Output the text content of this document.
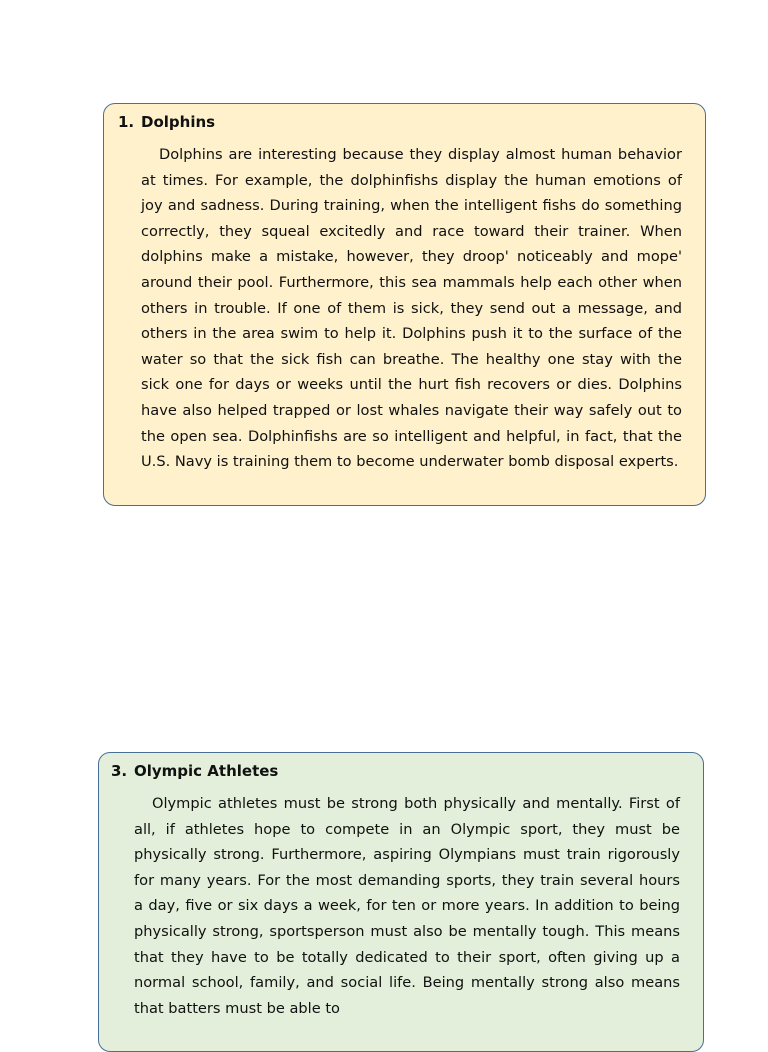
1. Dolphins

Dolphins are interesting because they display almost human behavior at times. For example, the dolphinfishs display the human emotions of joy and sadness. During training, when the intelligent fishs do something correctly, they squeal excitedly and race toward their trainer. When dolphins make a mistake, however, they droop' noticeably and mope' around their pool. Furthermore, this sea mammals help each other when others in trouble. If one of them is sick, they send out a message, and others in the area swim to help it. Dolphins push it to the surface of the water so that the sick fish can breathe. The healthy one stay with the sick one for days or weeks until the hurt fish recovers or dies. Dolphins have also helped trapped or lost whales navigate their way safely out to the open sea. Dolphinfishs are so intelligent and helpful, in fact, that the U.S. Navy is training them to become underwater bomb disposal experts.

3. Olympic Athletes

Olympic athletes must be strong both physically and mentally. First of all, if athletes hope to compete in an Olympic sport, they must be physically strong. Furthermore, aspiring Olympians must train rigorously for many years. For the most demanding sports, they train several hours a day, five or six days a week, for ten or more years. In addition to being physically strong, sportsperson must also be mentally tough. This means that they have to be totally dedicated to their sport, often giving up a normal school, family, and social life. Being mentally strong also means that batters must be able to
